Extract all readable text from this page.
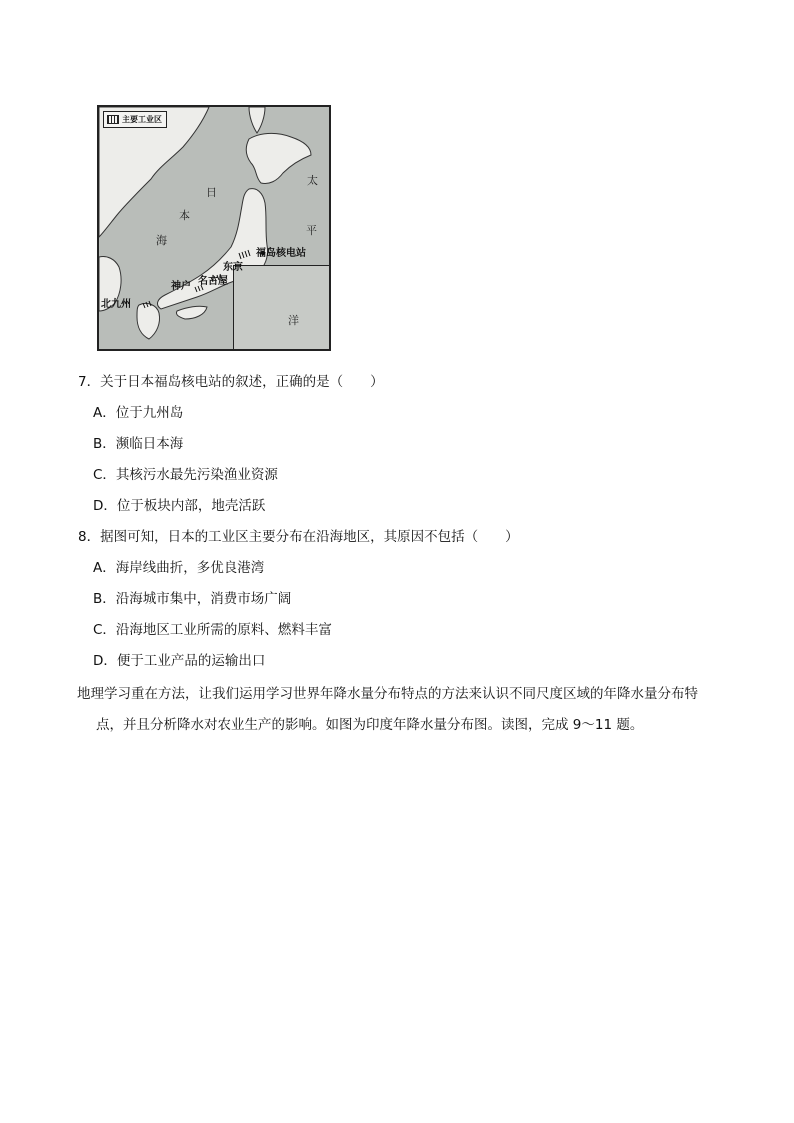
主要工业区
日
本
海
太
平
洋
福岛核电站
东京
名古屋
神户
北九州
7．关于日本福岛核电站的叙述，正确的是（　　）
A．位于九州岛
B．濒临日本海
C．其核污水最先污染渔业资源
D．位于板块内部，地壳活跃
8．据图可知，日本的工业区主要分布在沿海地区，其原因不包括（　　）
A．海岸线曲折，多优良港湾
B．沿海城市集中，消费市场广阔
C．沿海地区工业所需的原料、燃料丰富
D．便于工业产品的运输出口
地理学习重在方法，让我们运用学习世界年降水量分布特点的方法来认识不同尺度区域的年降水量分布特
点，并且分析降水对农业生产的影响。如图为印度年降水量分布图。读图，完成 9～11 题。
